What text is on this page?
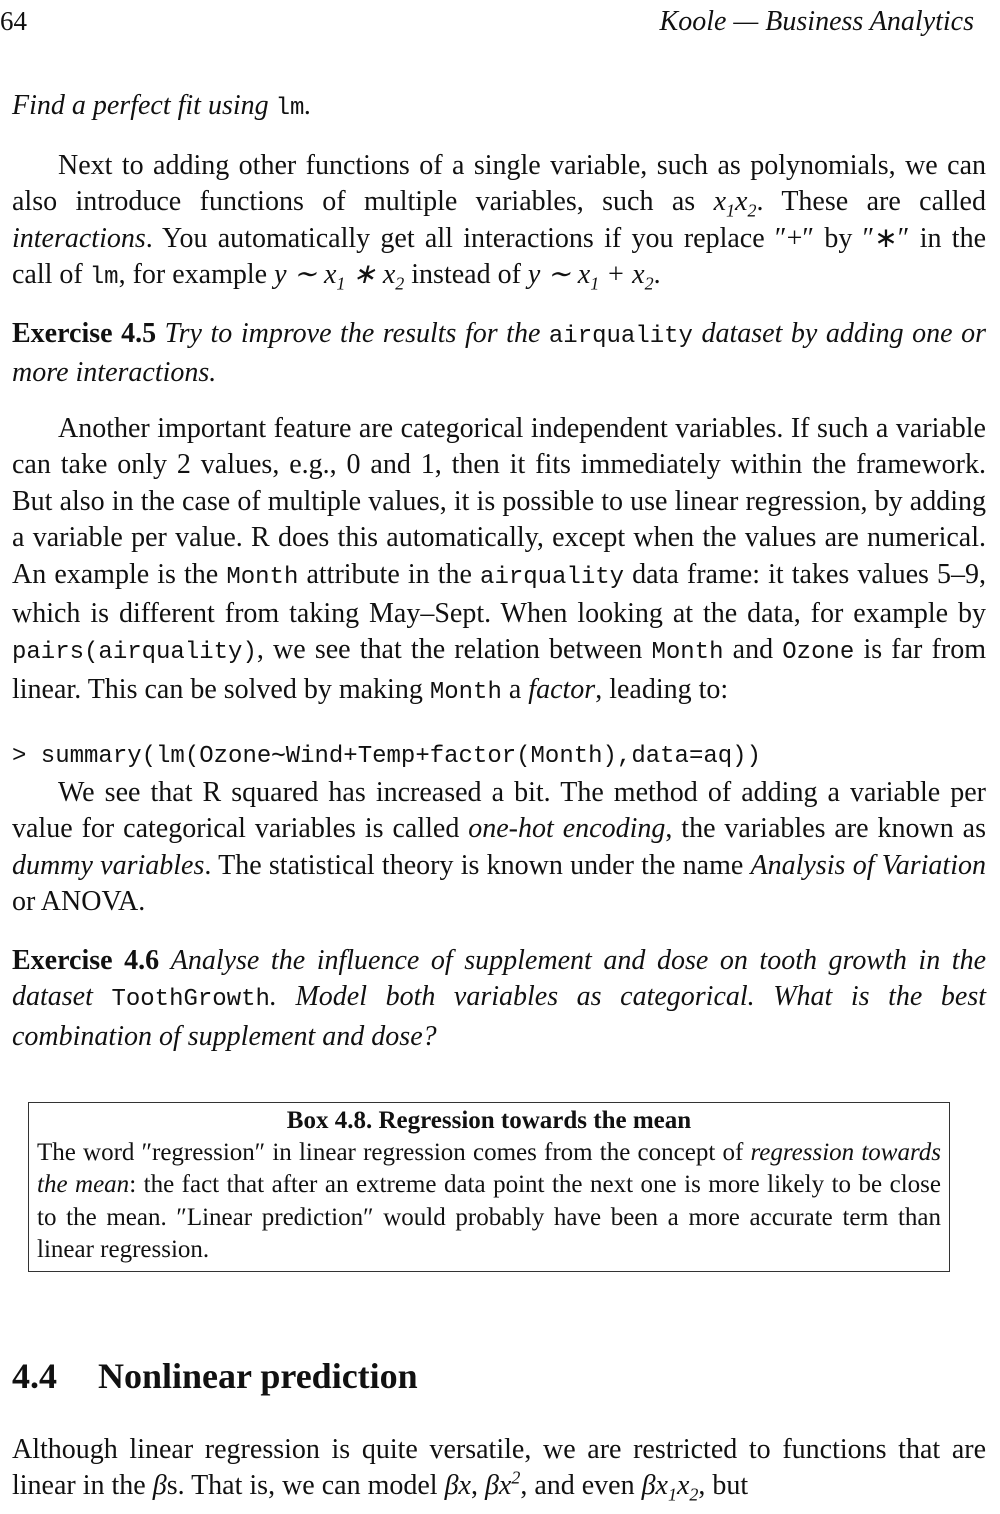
64	Koole — Business Analytics

Find a perfect fit using lm.

Next to adding other functions of a single variable, such as polynomials, we can also introduce functions of multiple variables, such as $x_1x_2$. These are called interactions. You automatically get all interactions if you replace ″+″ by ″∗″ in the call of lm, for example y ∼ $x_1$ ∗ $x_2$ instead of y ∼ $x_1 + x_2$.

Exercise 4.5 Try to improve the results for the airquality dataset by adding one or more interactions.

Another important feature are categorical independent variables. If such a variable can take only 2 values, e.g., 0 and 1, then it fits immediately within the framework. But also in the case of multiple values, it is possible to use linear regression, by adding a variable per value. R does this automatically, except when the values are numerical. An example is the Month attribute in the airquality data frame: it takes values 5–9, which is different from taking May–Sept. When looking at the data, for example by pairs(airquality), we see that the relation between Month and Ozone is far from linear. This can be solved by making Month a factor, leading to:

> summary(lm(Ozone∼Wind+Temp+factor(Month),data=aq))

We see that R squared has increased a bit. The method of adding a variable per value for categorical variables is called one-hot encoding, the variables are known as dummy variables. The statistical theory is known under the name Analysis of Variation or ANOVA.

Exercise 4.6 Analyse the influence of supplement and dose on tooth growth in the dataset ToothGrowth. Model both variables as categorical. What is the best combination of supplement and dose?

Box 4.8. Regression towards the mean
The word ″regression″ in linear regression comes from the concept of regression towards the mean: the fact that after an extreme data point the next one is more likely to be close to the mean. ″Linear prediction″ would probably have been a more accurate term than linear regression.
4.4 Nonlinear prediction

Although linear regression is quite versatile, we are restricted to functions that are linear in the βs. That is, we can model βx, $\beta x^2$, and even $\beta x_1x_2$, but
